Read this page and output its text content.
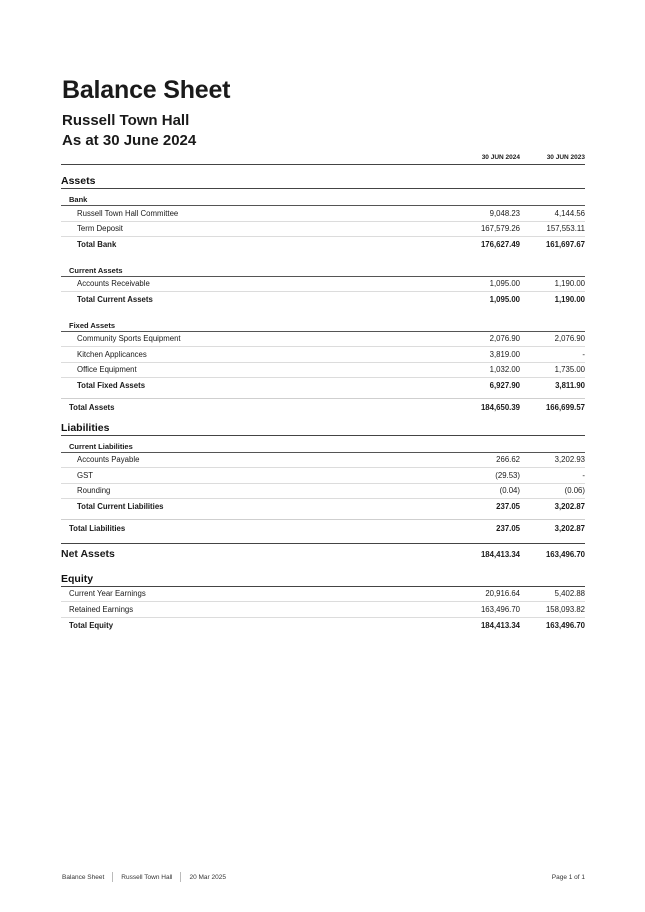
Balance Sheet
Russell Town Hall
As at 30 June 2024
30 JUN 2024	30 JUN 2023
Assets
Bank
Russell Town Hall Committee	9,048.23	4,144.56
Term Deposit	167,579.26	157,553.11
Total Bank	176,627.49	161,697.67
Current Assets
Accounts Receivable	1,095.00	1,190.00
Total Current Assets	1,095.00	1,190.00
Fixed Assets
Community Sports Equipment	2,076.90	2,076.90
Kitchen Applicances	3,819.00	-
Office Equipment	1,032.00	1,735.00
Total Fixed Assets	6,927.90	3,811.90
Total Assets	184,650.39	166,699.57
Liabilities
Current Liabilities
Accounts Payable	266.62	3,202.93
GST	(29.53)	-
Rounding	(0.04)	(0.06)
Total Current Liabilities	237.05	3,202.87
Total Liabilities	237.05	3,202.87
Net Assets	184,413.34	163,496.70
Equity
Current Year Earnings	20,916.64	5,402.88
Retained Earnings	163,496.70	158,093.82
Total Equity	184,413.34	163,496.70
Balance Sheet	Russell Town Hall	20 Mar 2025	Page 1 of 1
